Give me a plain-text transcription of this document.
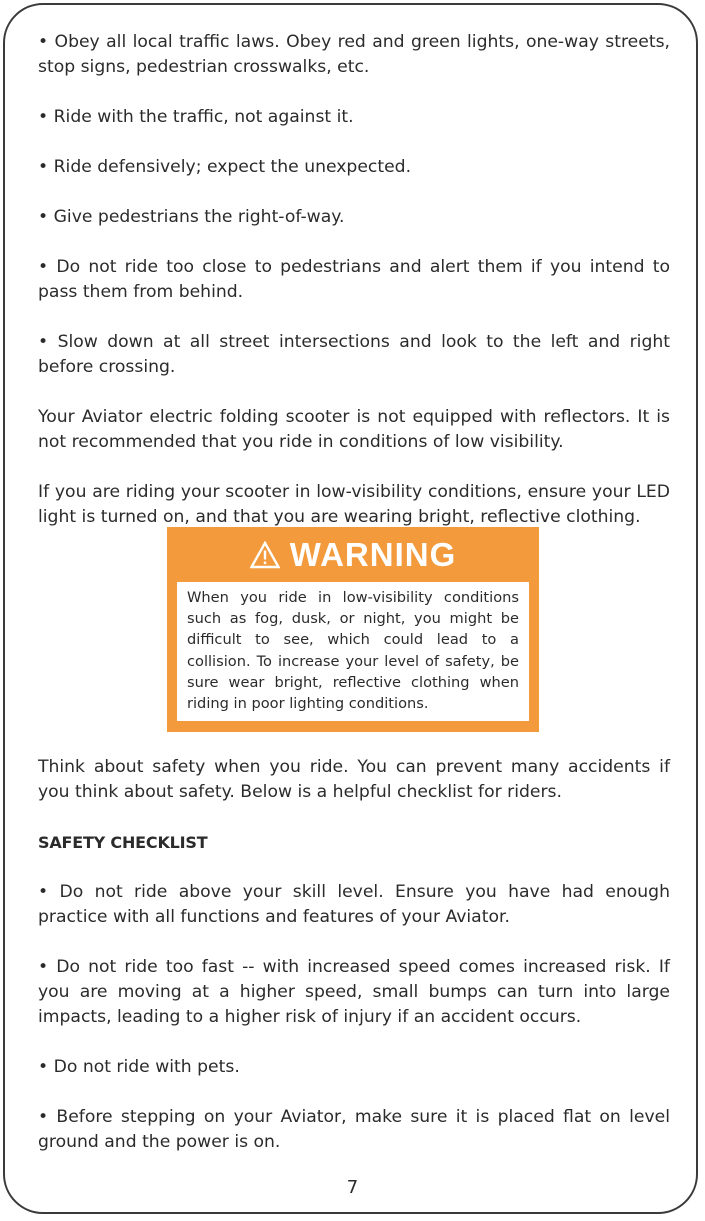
• Obey all local traffic laws. Obey red and green lights, one-way streets, stop signs, pedestrian crosswalks, etc.

• Ride with the traffic, not against it.

• Ride defensively; expect the unexpected.

• Give pedestrians the right-of-way.

• Do not ride too close to pedestrians and alert them if you intend to pass them from behind.

• Slow down at all street intersections and look to the left and right before crossing.

Your Aviator electric folding scooter is not equipped with reflectors. It is not recommended that you ride in conditions of low visibility.

If you are riding your scooter in low-visibility conditions, ensure your LED light is turned on, and that you are wearing bright, reflective clothing.

WARNING

When you ride in low-visibility conditions such as fog, dusk, or night, you might be difficult to see, which could lead to a collision. To increase your level of safety, be sure wear bright, reflective clothing when riding in poor lighting conditions.

Think about safety when you ride. You can prevent many accidents if you think about safety. Below is a helpful checklist for riders.

SAFETY CHECKLIST

• Do not ride above your skill level. Ensure you have had enough practice with all functions and features of your Aviator.

• Do not ride too fast -- with increased speed comes increased risk. If you are moving at a higher speed, small bumps can turn into large impacts, leading to a higher risk of injury if an accident occurs.

• Do not ride with pets.

• Before stepping on your Aviator, make sure it is placed flat on level ground and the power is on.

7
